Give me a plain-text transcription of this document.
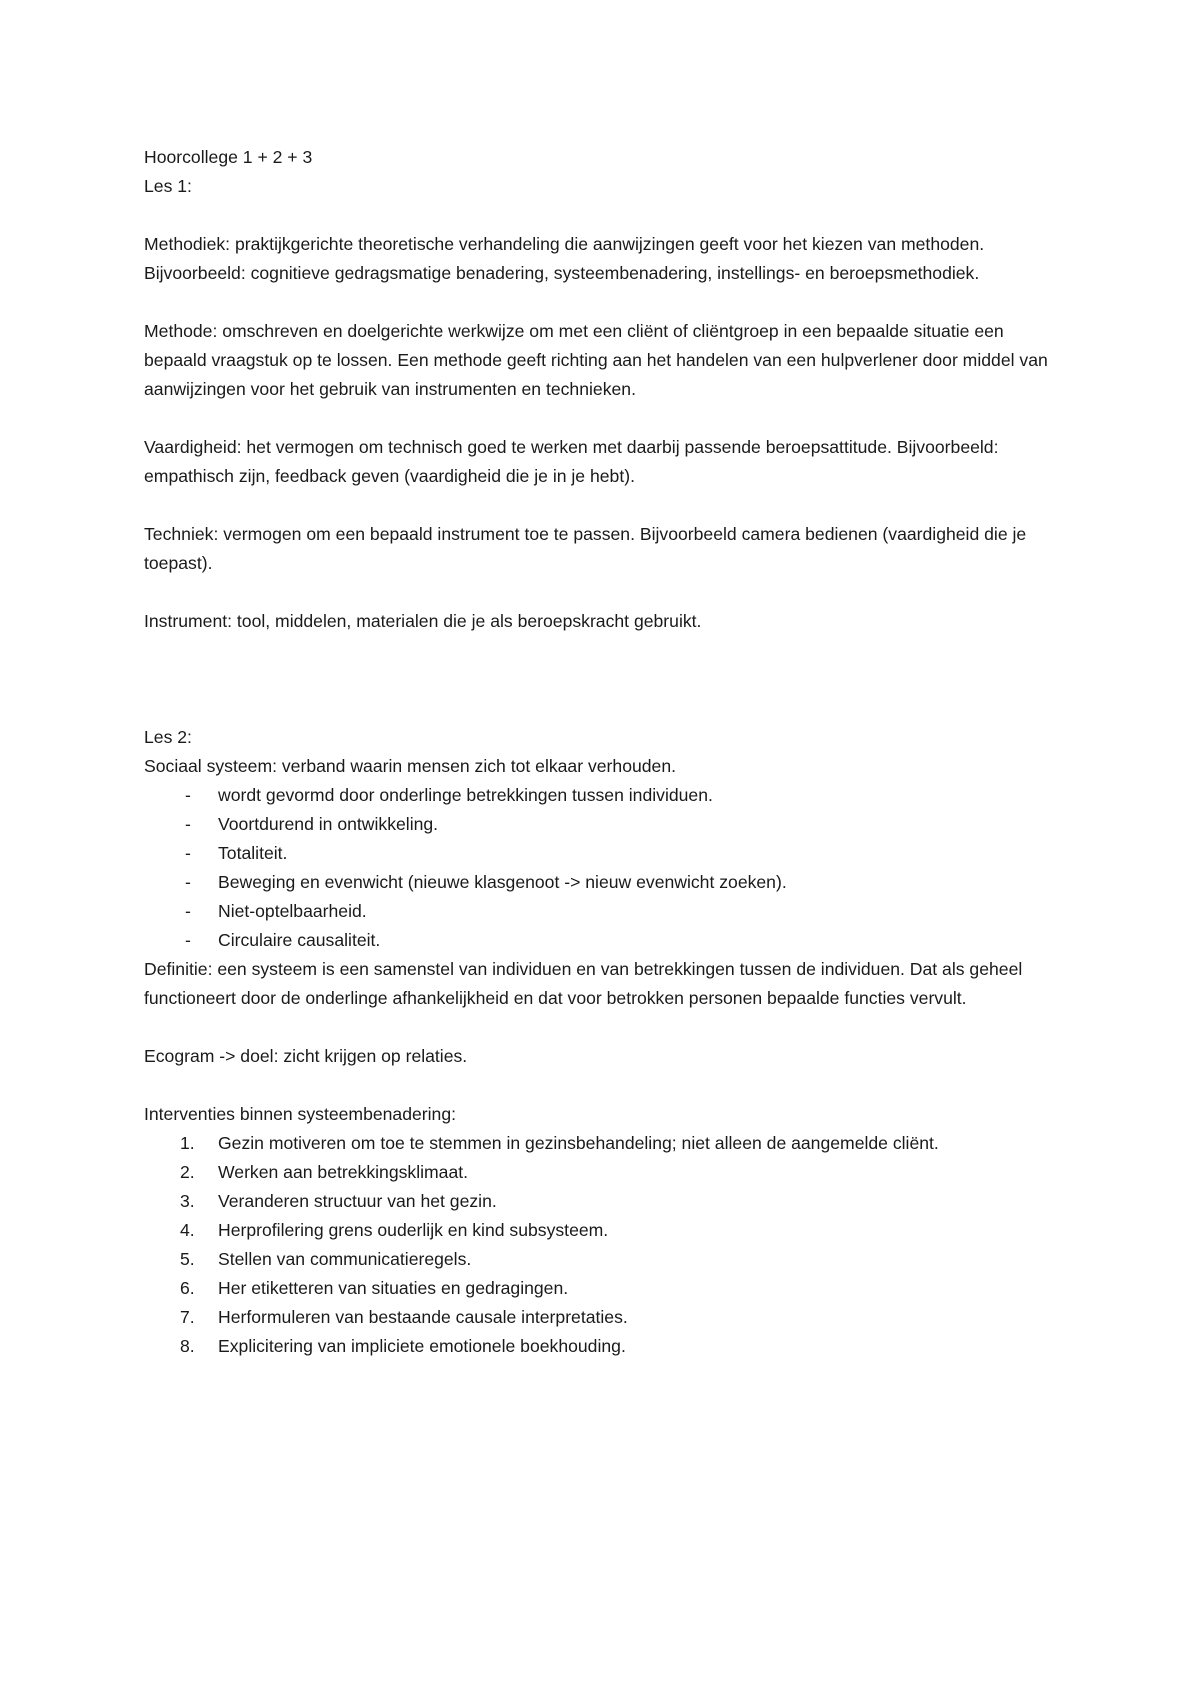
Hoorcollege 1 + 2 + 3
Les 1:

Methodiek: praktijkgerichte theoretische verhandeling die aanwijzingen geeft voor het kiezen van methoden. Bijvoorbeeld: cognitieve gedragsmatige benadering, systeembenadering, instellings- en beroepsmethodiek.

Methode: omschreven en doelgerichte werkwijze om met een cliënt of cliëntgroep in een bepaalde situatie een bepaald vraagstuk op te lossen. Een methode geeft richting aan het handelen van een hulpverlener door middel van aanwijzingen voor het gebruik van instrumenten en technieken.

Vaardigheid: het vermogen om technisch goed te werken met daarbij passende beroepsattitude. Bijvoorbeeld: empathisch zijn, feedback geven (vaardigheid die je in je hebt).

Techniek: vermogen om een bepaald instrument toe te passen. Bijvoorbeeld camera bedienen (vaardigheid die je toepast).

Instrument: tool, middelen, materialen die je als beroepskracht gebruikt.

Les 2:
Sociaal systeem: verband waarin mensen zich tot elkaar verhouden.
- wordt gevormd door onderlinge betrekkingen tussen individuen.
- Voortdurend in ontwikkeling.
- Totaliteit.
- Beweging en evenwicht (nieuwe klasgenoot -> nieuw evenwicht zoeken).
- Niet-optelbaarheid.
- Circulaire causaliteit.

Definitie: een systeem is een samenstel van individuen en van betrekkingen tussen de individuen. Dat als geheel functioneert door de onderlinge afhankelijkheid en dat voor betrokken personen bepaalde functies vervult.

Ecogram -> doel: zicht krijgen op relaties.

Interventies binnen systeembenadering:
1. Gezin motiveren om toe te stemmen in gezinsbehandeling; niet alleen de aangemelde cliënt.
2. Werken aan betrekkingsklimaat.
3. Veranderen structuur van het gezin.
4. Herprofilering grens ouderlijk en kind subsysteem.
5. Stellen van communicatieregels.
6. Her etiketteren van situaties en gedragingen.
7. Herformuleren van bestaande causale interpretaties.
8. Explicitering van impliciete emotionele boekhouding.
